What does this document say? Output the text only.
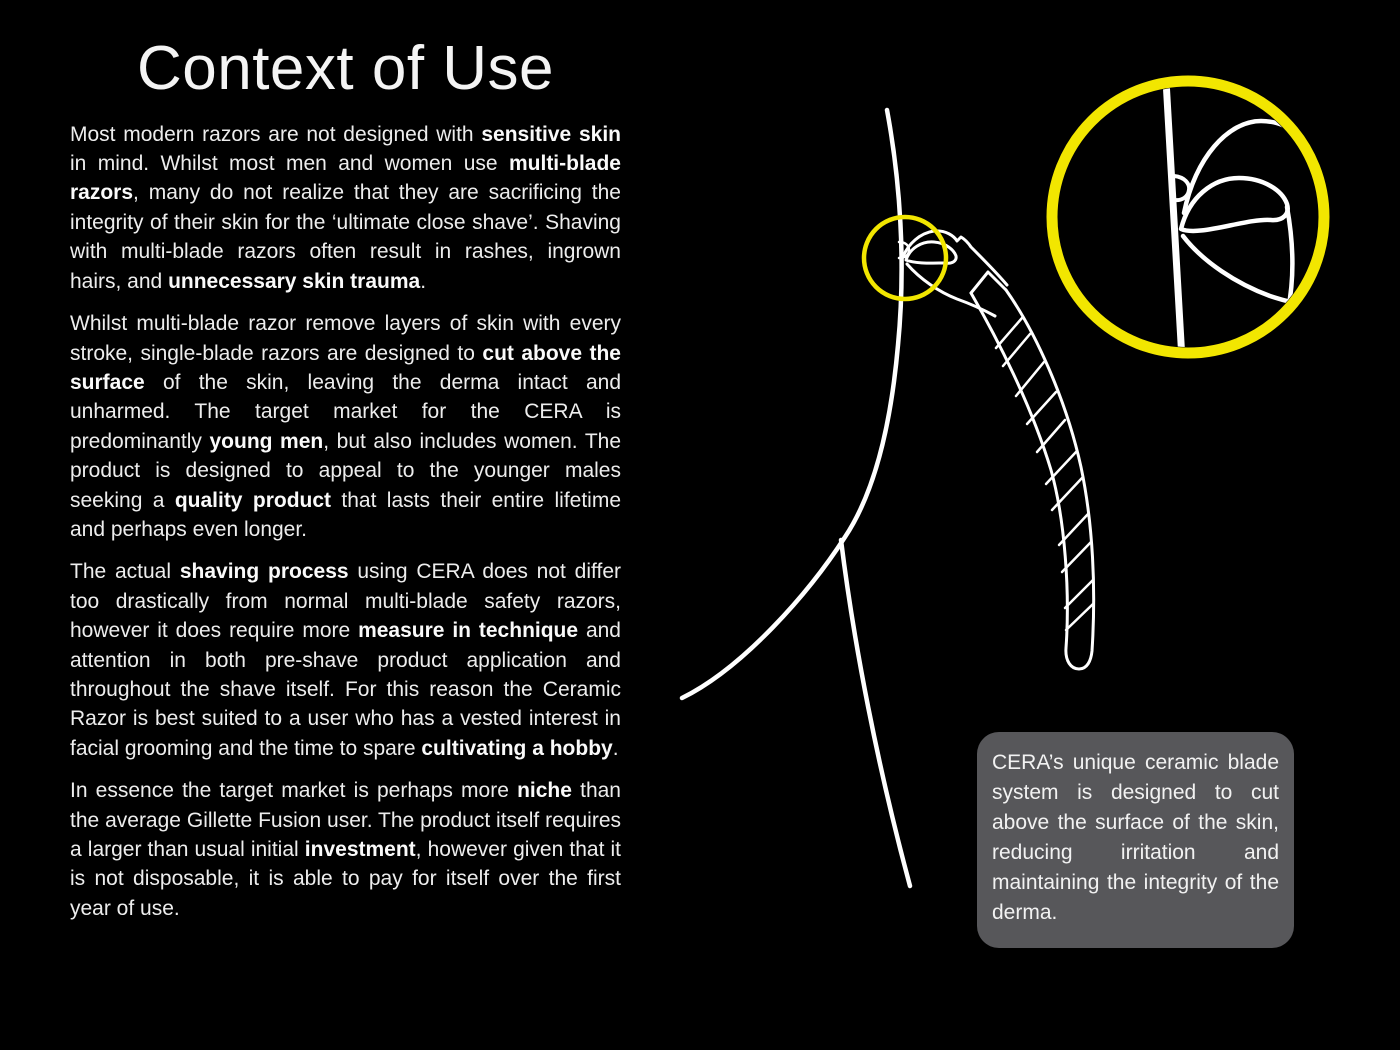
Context of Use

Most modern razors are not designed with sensitive skin in mind. Whilst most men and women use multi-blade razors, many do not realize that they are sacrificing the integrity of their skin for the ‘ultimate close shave’. Shaving with multi-blade razors often result in rashes, ingrown hairs, and unnecessary skin trauma.

Whilst multi-blade razor remove layers of skin with every stroke, single-blade razors are designed to cut above the surface of the skin, leaving the derma intact and unharmed. The target market for the CERA is predominantly young men, but also includes women. The product is designed to appeal to the younger males seeking a quality product that lasts their entire lifetime and perhaps even longer.

The actual shaving process using CERA does not differ too drastically from normal multi-blade safety razors, however it does require more measure in technique and attention in both pre-shave product application and throughout the shave itself. For this reason the Ceramic Razor is best suited to a user who has a vested interest in facial grooming and the time to spare cultivating a hobby.

In essence the target market is perhaps more niche than the average Gillette Fusion user. The product itself requires a larger than usual initial investment, however given that it is not disposable, it is able to pay for itself over the first year of use.

CERA’s unique ceramic blade system is designed to cut above the surface of the skin, reducing irritation and maintaining the integrity of the derma.
